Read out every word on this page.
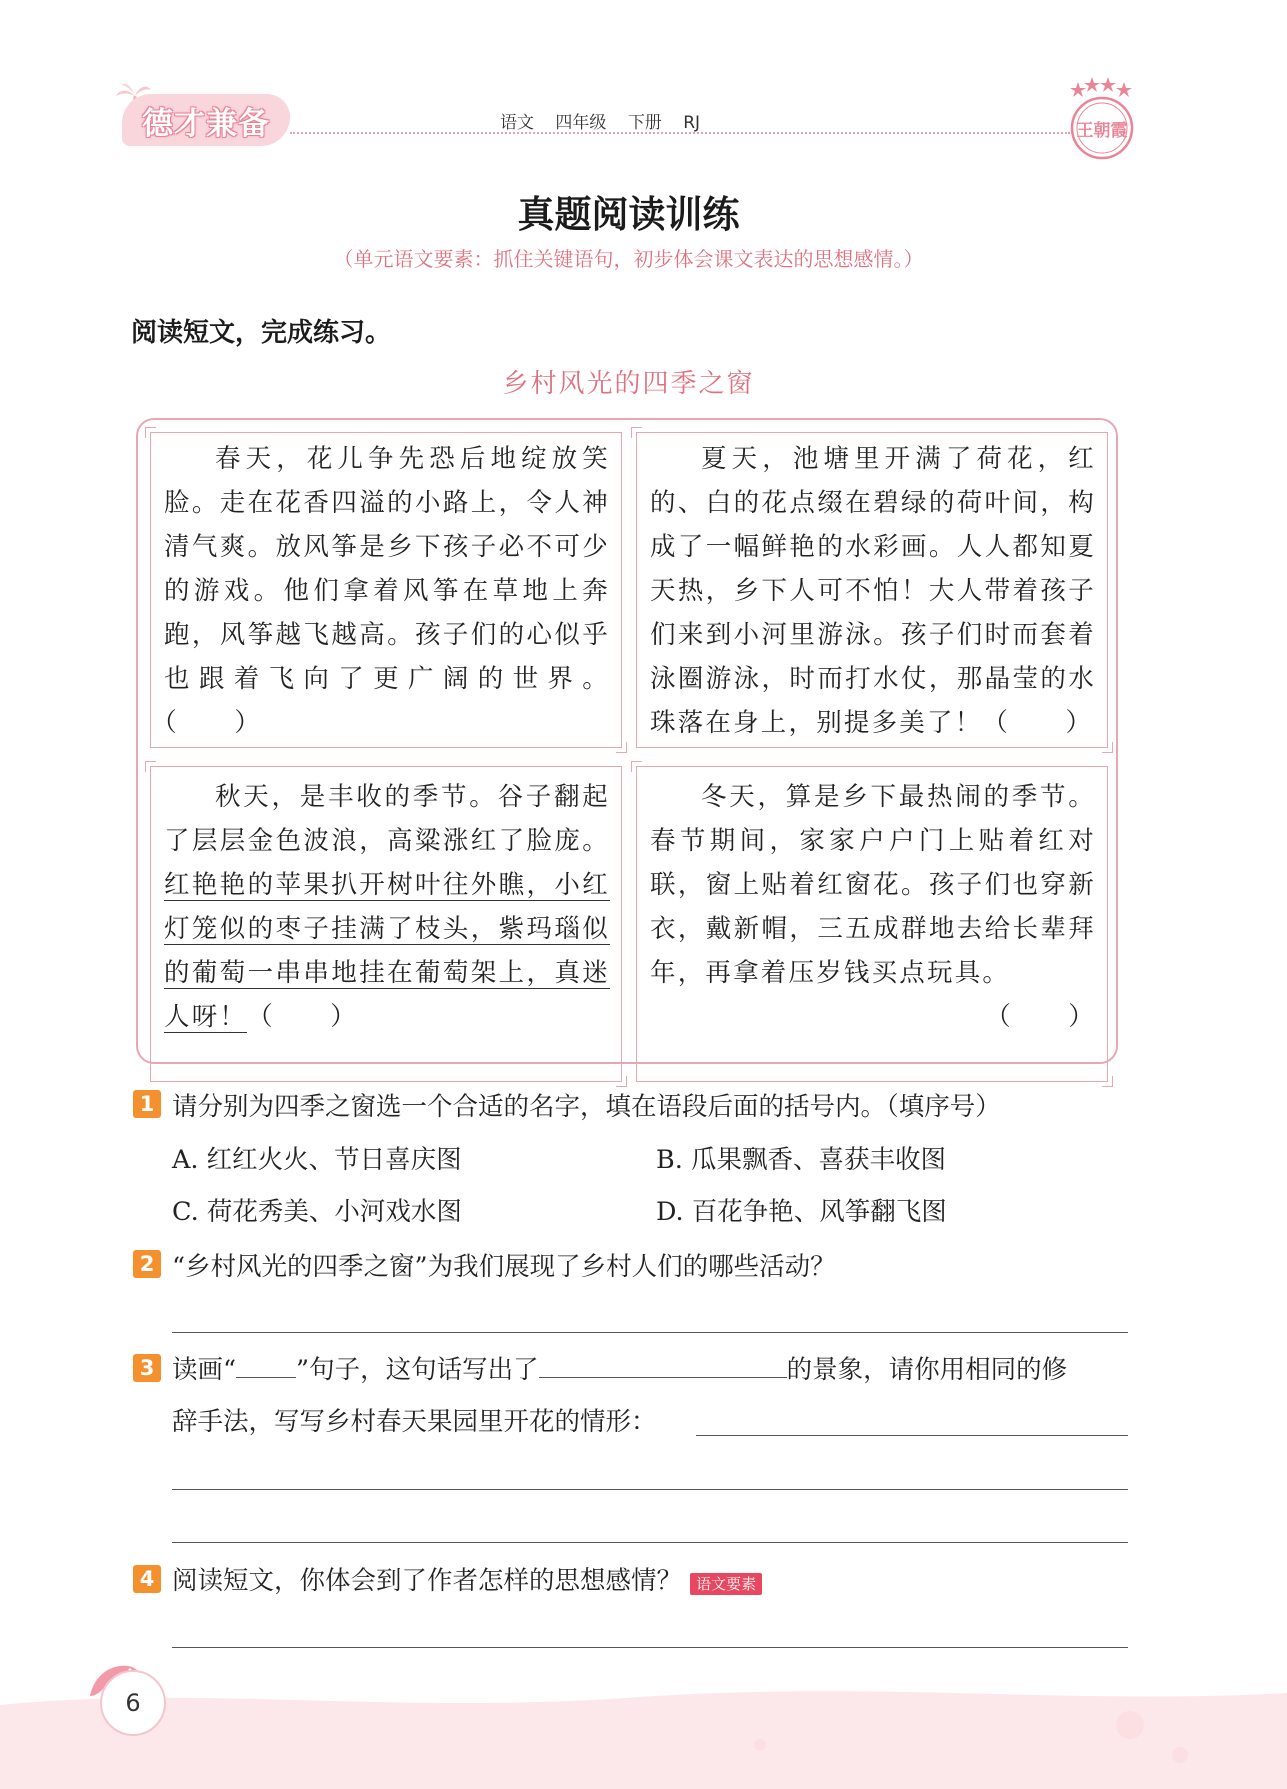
德才兼备	语文 四年级 下册 RJ	王朝霞
真题阅读训练
（单元语文要素：抓住关键语句，初步体会课文表达的思想感情。）
阅读短文，完成练习。
乡村风光的四季之窗
春天，花儿争先恐后地绽放笑脸。走在花香四溢的小路上，令人神清气爽。放风筝是乡下孩子必不可少的游戏。他们拿着风筝在草地上奔跑，风筝越飞越高。孩子们的心似乎也跟着飞向了更广阔的世界。（　　）
夏天，池塘里开满了荷花，红的、白的花点缀在碧绿的荷叶间，构成了一幅鲜艳的水彩画。人人都知夏天热，乡下人可不怕！大人带着孩子们来到小河里游泳。孩子们时而套着泳圈游泳，时而打水仗，那晶莹的水珠落在身上，别提多美了！（　　）
秋天，是丰收的季节。谷子翻起了层层金色波浪，高粱涨红了脸庞。红艳艳的苹果扒开树叶往外瞧，小红灯笼似的枣子挂满了枝头，紫玛瑙似的葡萄一串串地挂在葡萄架上，真迷人呀！（　　）
冬天，算是乡下最热闹的季节。春节期间，家家户户门上贴着红对联，窗上贴着红窗花。孩子们也穿新衣，戴新帽，三五成群地去给长辈拜年，再拿着压岁钱买点玩具。
（　　）
1 请分别为四季之窗选一个合适的名字，填在语段后面的括号内。（填序号）
A. 红红火火、节日喜庆图	B. 瓜果飘香、喜获丰收图
C. 荷花秀美、小河戏水图	D. 百花争艳、风筝翻飞图
2 “乡村风光的四季之窗”为我们展现了乡村人们的哪些活动？
3 读画“ ”句子，这句话写出了	的景象，请你用相同的修
辞手法，写写乡村春天果园里开花的情形：
4 阅读短文，你体会到了作者怎样的思想感情？ 语文要素
6
